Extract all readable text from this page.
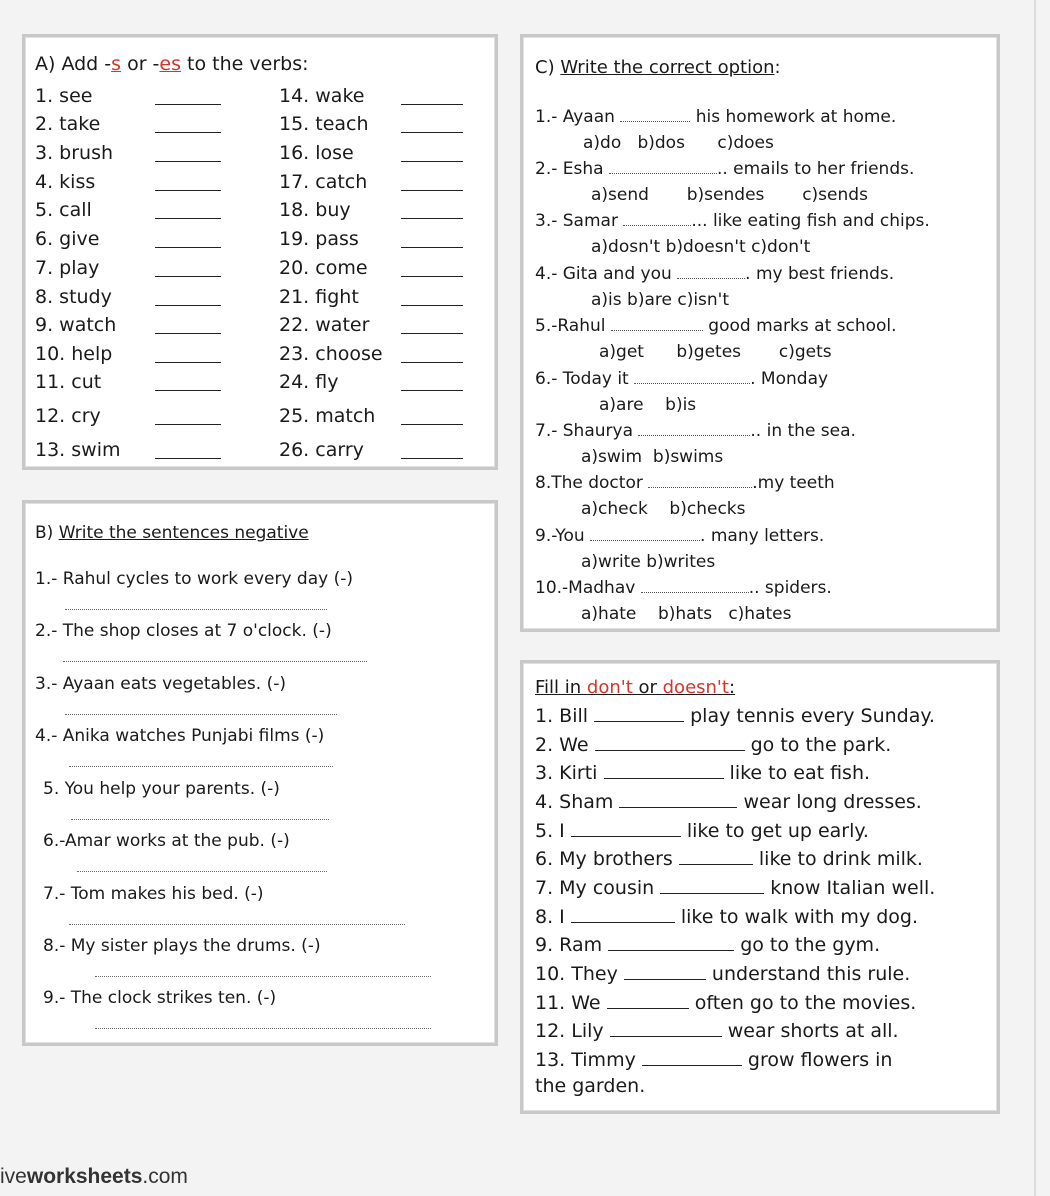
A) Add -s or -es to the verbs:
1. see
2. take
3. brush
4. kiss
5. call
6. give
7. play
8. study
9. watch
10. help
11. cut
12. cry
13. swim
14. wake
15. teach
16. lose
17. catch
18. buy
19. pass
20. come
21. fight
22. water
23. choose
24. fly
25. match
26. carry
B) Write the sentences negative
1.- Rahul cycles to work every day (-)
2.- The shop closes at 7 o'clock. (-)
3.- Ayaan eats vegetables. (-)
4.- Anika watches Punjabi films (-)
5. You help your parents. (-)
6.-Amar works at the pub. (-)
7.- Tom makes his bed. (-)
8.- My sister plays the drums. (-)
9.- The clock strikes ten. (-)
C) Write the correct option:
1.- Ayaan	his homework at home.
a)do   b)dos      c)does
2.- Esha	.. emails to her friends.
a)send       b)sendes       c)sends
3.- Samar	... like eating fish and chips.
a)dosn't b)doesn't c)don't
4.- Gita and you	. my best friends.
a)is b)are c)isn't
5.-Rahul	good marks at school.
a)get      b)getes       c)gets
6.- Today it	. Monday
a)are    b)is
7.- Shaurya	.. in the sea.
a)swim  b)swims
8.The doctor	.my teeth
a)check    b)checks
9.-You	. many letters.
a)write b)writes
10.-Madhav	.. spiders.
a)hate    b)hats   c)hates
Fill in don't or doesn't:
1. Bill	play tennis every Sunday.
2. We	go to the park.
3. Kirti	like to eat fish.
4. Sham	wear long dresses.
5. I	like to get up early.
6. My brothers	like to drink milk.
7. My cousin	know Italian well.
8. I	like to walk with my dog.
9. Ram	go to the gym.
10. They	understand this rule.
11. We	often go to the movies.
12. Lily	wear shorts at all.
13. Timmy	grow flowers in
the garden.
iveworksheets.com
